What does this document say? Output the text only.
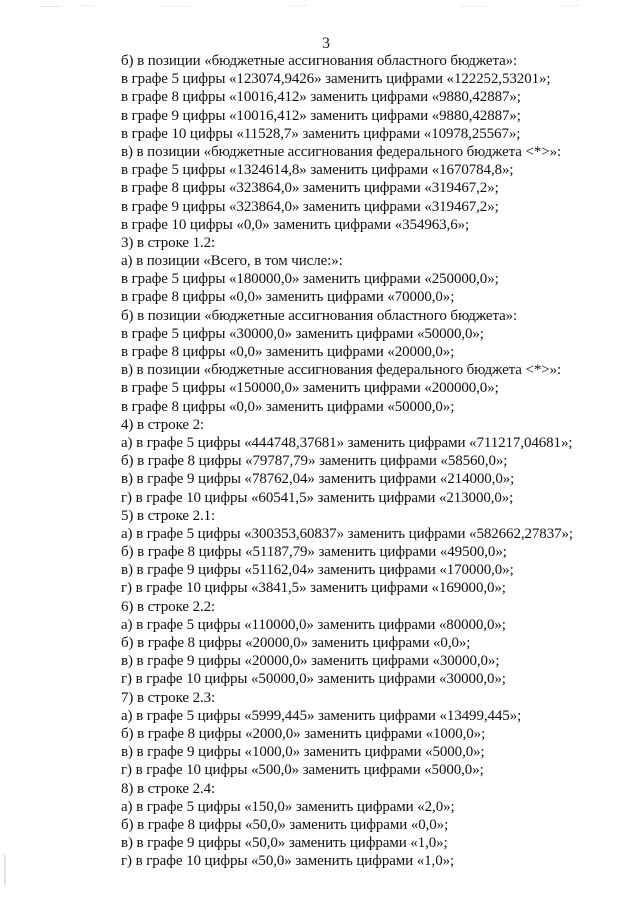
3
б) в позиции «бюджетные ассигнования областного бюджета»:
в графе 5 цифры «123074,9426» заменить цифрами «122252,53201»;
в графе 8 цифры «10016,412» заменить цифрами «9880,42887»;
в графе 9 цифры «10016,412» заменить цифрами «9880,42887»;
в графе 10 цифры «11528,7» заменить цифрами «10978,25567»;
в) в позиции «бюджетные ассигнования федерального бюджета <*>»:
в графе 5 цифры «1324614,8» заменить цифрами «1670784,8»;
в графе 8 цифры «323864,0» заменить цифрами «319467,2»;
в графе 9 цифры «323864,0» заменить цифрами «319467,2»;
в графе 10 цифры «0,0» заменить цифрами «354963,6»;
3) в строке 1.2:
а) в позиции «Всего, в том числе:»:
в графе 5 цифры «180000,0» заменить цифрами «250000,0»;
в графе 8 цифры «0,0» заменить цифрами «70000,0»;
б) в позиции «бюджетные ассигнования областного бюджета»:
в графе 5 цифры «30000,0» заменить цифрами «50000,0»;
в графе 8 цифры «0,0» заменить цифрами «20000,0»;
в) в позиции «бюджетные ассигнования федерального бюджета <*>»:
в графе 5 цифры «150000,0» заменить цифрами «200000,0»;
в графе 8 цифры «0,0» заменить цифрами «50000,0»;
4) в строке 2:
а) в графе 5 цифры «444748,37681» заменить цифрами «711217,04681»;
б) в графе 8 цифры «79787,79» заменить цифрами «58560,0»;
в) в графе 9 цифры «78762,04» заменить цифрами «214000,0»;
г) в графе 10 цифры «60541,5» заменить цифрами «213000,0»;
5) в строке 2.1:
а) в графе 5 цифры «300353,60837» заменить цифрами «582662,27837»;
б) в графе 8 цифры «51187,79» заменить цифрами «49500,0»;
в) в графе 9 цифры «51162,04» заменить цифрами «170000,0»;
г) в графе 10 цифры «3841,5» заменить цифрами «169000,0»;
6) в строке 2.2:
а) в графе 5 цифры «110000,0» заменить цифрами «80000,0»;
б) в графе 8 цифры «20000,0» заменить цифрами «0,0»;
в) в графе 9 цифры «20000,0» заменить цифрами «30000,0»;
г) в графе 10 цифры «50000,0» заменить цифрами «30000,0»;
7) в строке 2.3:
а) в графе 5 цифры «5999,445» заменить цифрами «13499,445»;
б) в графе 8 цифры «2000,0» заменить цифрами «1000,0»;
в) в графе 9 цифры «1000,0» заменить цифрами «5000,0»;
г) в графе 10 цифры «500,0» заменить цифрами «5000,0»;
8) в строке 2.4:
а) в графе 5 цифры «150,0» заменить цифрами «2,0»;
б) в графе 8 цифры «50,0» заменить цифрами «0,0»;
в) в графе 9 цифры «50,0» заменить цифрами «1,0»;
г) в графе 10 цифры «50,0» заменить цифрами «1,0»;
